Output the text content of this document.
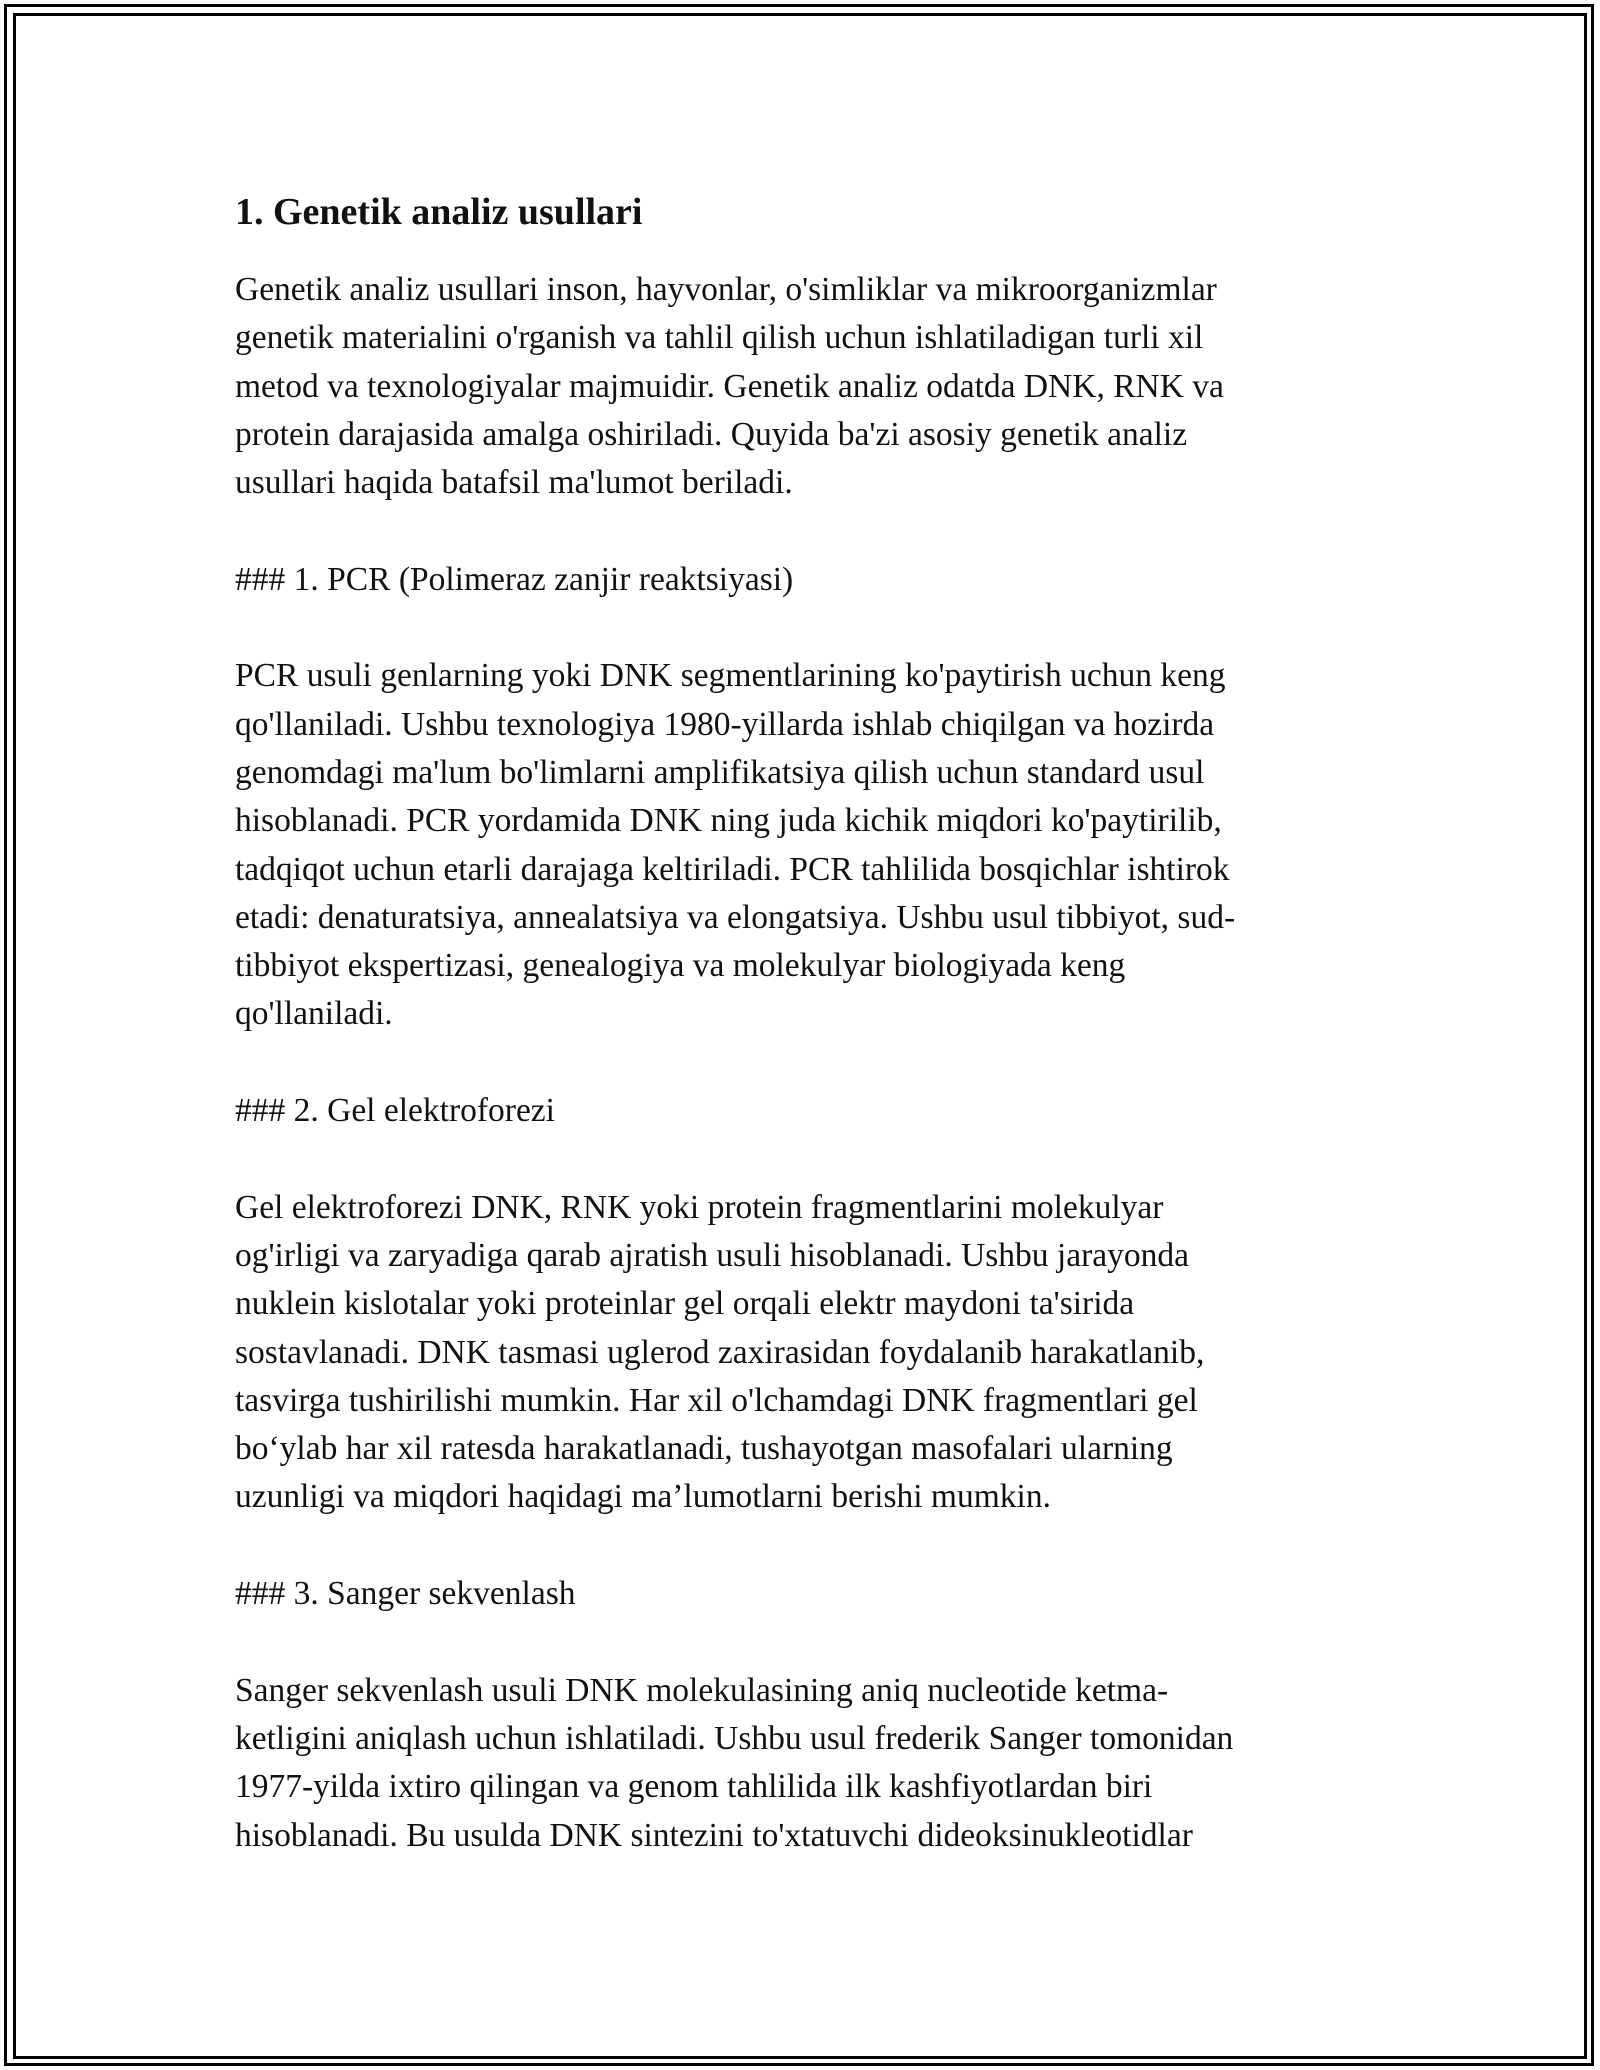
1. Genetik analiz usullari
Genetik analiz usullari inson, hayvonlar, o'simliklar va mikroorganizmlar
genetik materialini o'rganish va tahlil qilish uchun ishlatiladigan turli xil
metod va texnologiyalar majmuidir. Genetik analiz odatda DNK, RNK va
protein darajasida amalga oshiriladi. Quyida ba'zi asosiy genetik analiz
usullari haqida batafsil ma'lumot beriladi.
### 1. PCR (Polimeraz zanjir reaktsiyasi)
PCR usuli genlarning yoki DNK segmentlarining ko'paytirish uchun keng
qo'llaniladi. Ushbu texnologiya 1980-yillarda ishlab chiqilgan va hozirda
genomdagi ma'lum bo'limlarni amplifikatsiya qilish uchun standard usul
hisoblanadi. PCR yordamida DNK ning juda kichik miqdori ko'paytirilib,
tadqiqot uchun etarli darajaga keltiriladi. PCR tahlilida bosqichlar ishtirok
etadi: denaturatsiya, annealatsiya va elongatsiya. Ushbu usul tibbiyot, sud-
tibbiyot ekspertizasi, genealogiya va molekulyar biologiyada keng
qo'llaniladi.
### 2. Gel elektroforezi
Gel elektroforezi DNK, RNK yoki protein fragmentlarini molekulyar
og'irligi va zaryadiga qarab ajratish usuli hisoblanadi. Ushbu jarayonda
nuklein kislotalar yoki proteinlar gel orqali elektr maydoni ta'sirida
sostavlanadi. DNK tasmasi uglerod zaxirasidan foydalanib harakatlanib,
tasvirga tushirilishi mumkin. Har xil o'lchamdagi DNK fragmentlari gel
bo‘ylab har xil ratesda harakatlanadi, tushayotgan masofalari ularning
uzunligi va miqdori haqidagi ma’lumotlarni berishi mumkin.
### 3. Sanger sekvenlash
Sanger sekvenlash usuli DNK molekulasining aniq nucleotide ketma-
ketligini aniqlash uchun ishlatiladi. Ushbu usul frederik Sanger tomonidan
1977-yilda ixtiro qilingan va genom tahlilida ilk kashfiyotlardan biri
hisoblanadi. Bu usulda DNK sintezini to'xtatuvchi dideoksinukleotidlar
